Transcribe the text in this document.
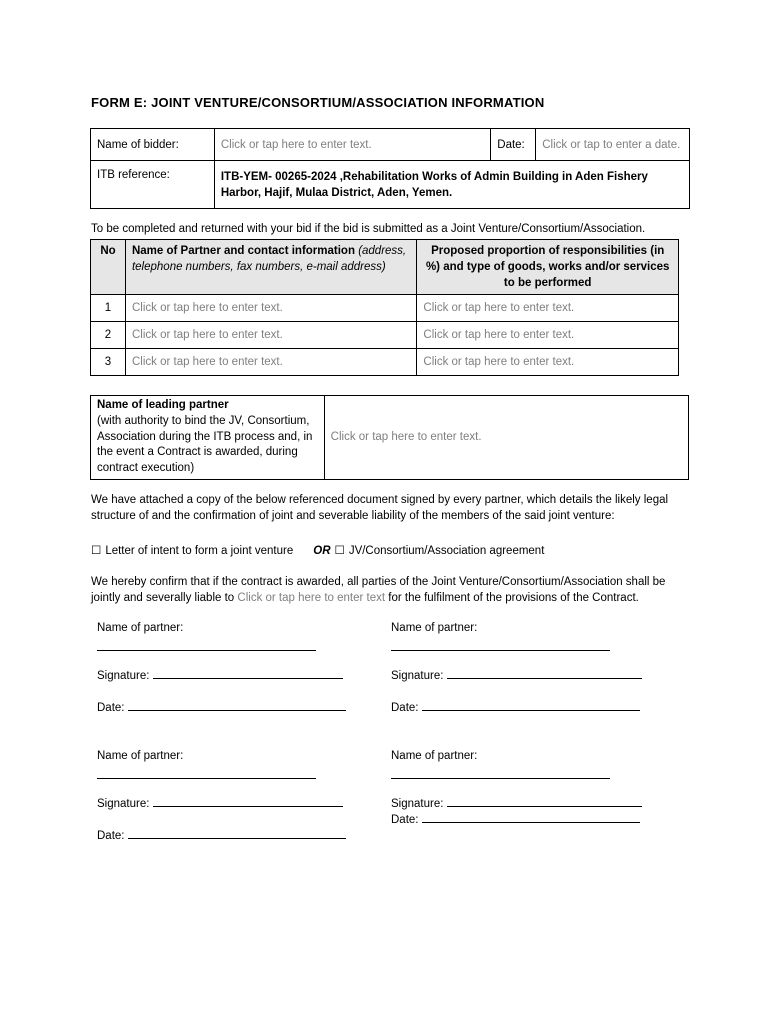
FORM E: JOINT VENTURE/CONSORTIUM/ASSOCIATION INFORMATION
Name of bidder:	Click or tap here to enter text.	Date:	Click or tap to enter a date.
ITB reference:	ITB-YEM- 00265-2024 ,Rehabilitation Works of Admin Building in Aden Fishery Harbor, Hajif, Mulaa District, Aden, Yemen.		
To be completed and returned with your bid if the bid is submitted as a Joint Venture/Consortium/Association.
No	Name of Partner and contact information (address, telephone numbers, fax numbers, e-mail address)	Proposed proportion of responsibilities (in %) and type of goods, works and/or services to be performed
1	Click or tap here to enter text.	Click or tap here to enter text.
2	Click or tap here to enter text.	Click or tap here to enter text.
3	Click or tap here to enter text.	Click or tap here to enter text.
Name of leading partner
(with authority to bind the JV, Consortium, Association during the ITB process and, in the event a Contract is awarded, during contract execution)
	Click or tap here to enter text.
We have attached a copy of the below referenced document signed by every partner, which details the likely legal structure of and the confirmation of joint and severable liability of the members of the said joint venture:
☐ Letter of intent to form a joint venture OR ☐ JV/Consortium/Association agreement
We hereby confirm that if the contract is awarded, all parties of the Joint Venture/Consortium/Association shall be jointly and severally liable to Click or tap here to enter text for the fulfilment of the provisions of the Contract.
Name of partner:
Signature:
Date:
Name of partner:
Signature:
Date:
Name of partner:
Signature:
Date:
Name of partner:
Signature:
Date:
